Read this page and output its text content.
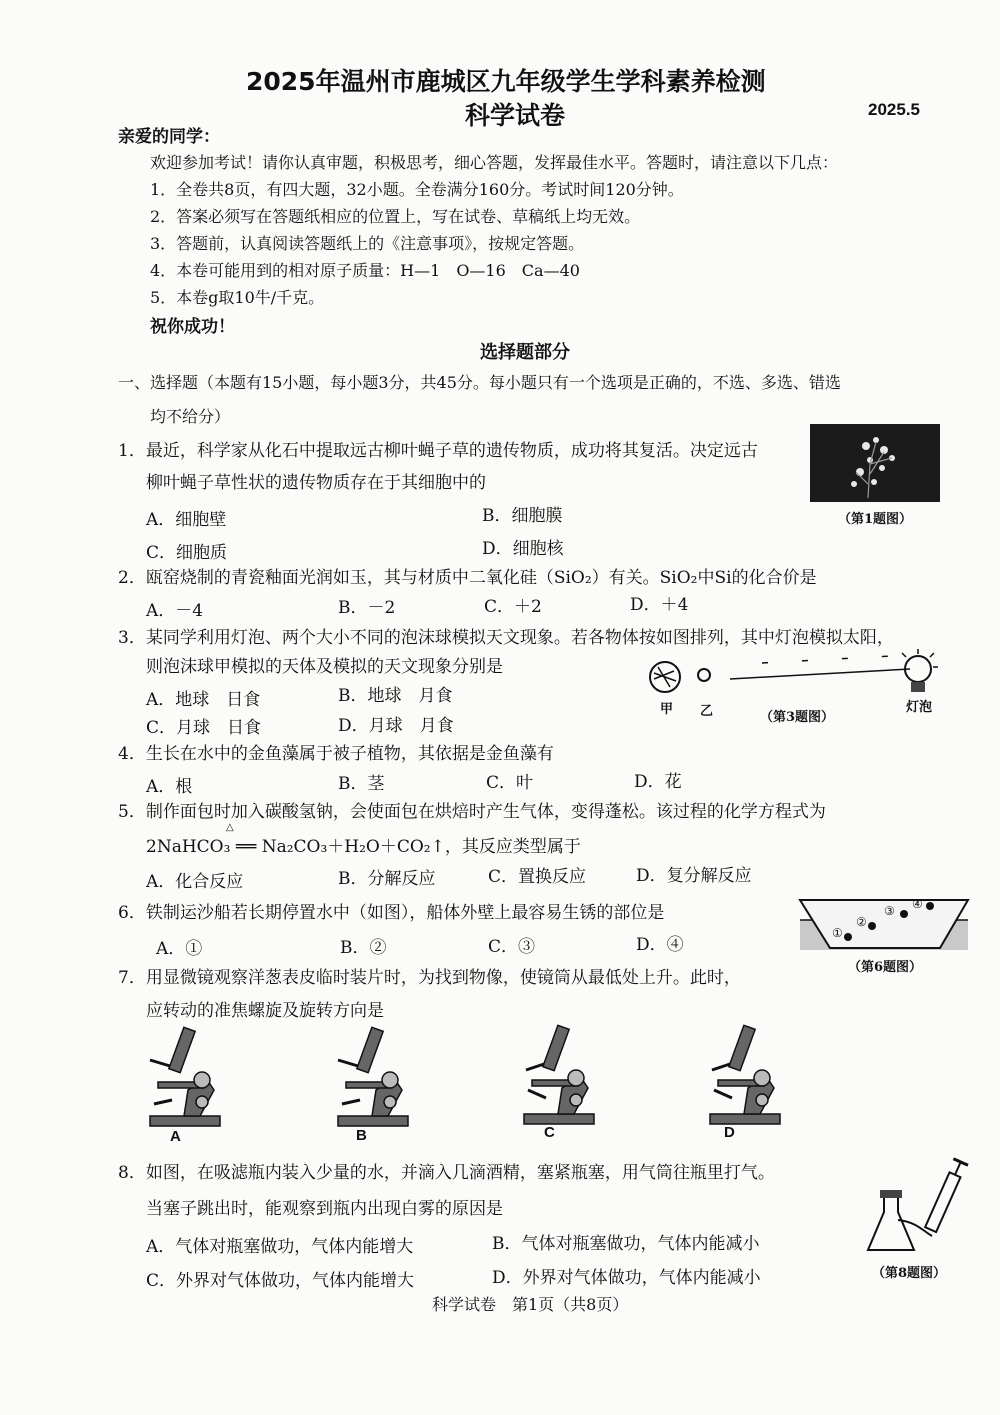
2025年温州市鹿城区九年级学生学科素养检测
科学试卷	2025.5
亲爱的同学：
欢迎参加考试！请你认真审题，积极思考，细心答题，发挥最佳水平。答题时，请注意以下几点：
1．全卷共8页，有四大题，32小题。全卷满分160分。考试时间120分钟。
2．答案必须写在答题纸相应的位置上，写在试卷、草稿纸上均无效。
3．答题前，认真阅读答题纸上的《注意事项》，按规定答题。
4．本卷可能用到的相对原子质量：H—1　O—16　Ca—40
5．本卷g取10牛/千克。
祝你成功！
选择题部分
一、选择题（本题有15小题，每小题3分，共45分。每小题只有一个选项是正确的，不选、多选、错选
均不给分）
1．最近，科学家从化石中提取远古柳叶蝇子草的遗传物质，成功将其复活。决定远古
柳叶蝇子草性状的遗传物质存在于其细胞中的
A．细胞壁	B．细胞膜
C．细胞质	D．细胞核
（第1题图）
2．瓯窑烧制的青瓷釉面光润如玉，其与材质中二氧化硅（SiO₂）有关。SiO₂中Si的化合价是
A．－4	B．－2	C．＋2	D．＋4
3．某同学利用灯泡、两个大小不同的泡沫球模拟天文现象。若各物体按如图排列，其中灯泡模拟太阳，
则泡沫球甲模拟的天体及模拟的天文现象分别是
A．地球　日食	B．地球　月食
C．月球　日食	D．月球　月食
甲 乙	灯泡
（第3题图）
4．生长在水中的金鱼藻属于被子植物，其依据是金鱼藻有
A．根	B．茎	C．叶	D．花
5．制作面包时加入碳酸氢钠，会使面包在烘焙时产生气体，变得蓬松。该过程的化学方程式为
△
2NaHCO₃ ══ Na₂CO₃＋H₂O＋CO₂↑，其反应类型属于
A．化合反应	B．分解反应	C．置换反应	D．复分解反应
6．铁制运沙船若长期停置水中（如图），船体外壁上最容易生锈的部位是
A．①	B．②	C．③	D．④
①
②
③ ④
（第6题图）
7．用显微镜观察洋葱表皮临时装片时，为找到物像，使镜筒从最低处上升。此时，
应转动的准焦螺旋及旋转方向是
A	B	C	D
8．如图，在吸滤瓶内装入少量的水，并滴入几滴酒精，塞紧瓶塞，用气筒往瓶里打气。
当塞子跳出时，能观察到瓶内出现白雾的原因是
A．气体对瓶塞做功，气体内能增大	B．气体对瓶塞做功，气体内能减小
C．外界对气体做功，气体内能增大	D．外界对气体做功，气体内能减小	（第8题图）
科学试卷　第1页（共8页）
